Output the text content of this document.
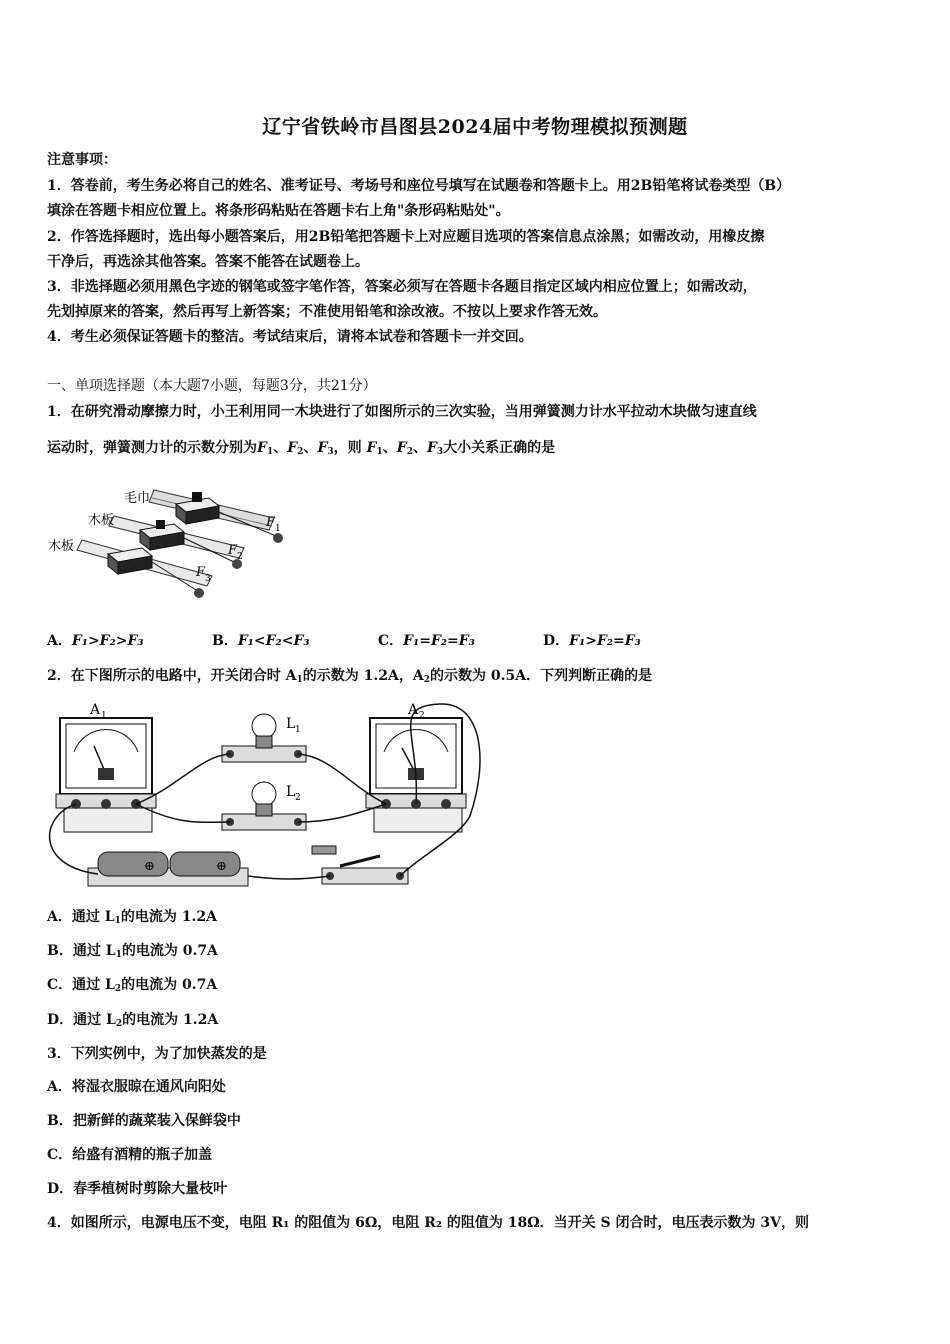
辽宁省铁岭市昌图县2024届中考物理模拟预测题
注意事项：
1．答卷前，考生务必将自己的姓名、准考证号、考场号和座位号填写在试题卷和答题卡上。用2B铅笔将试卷类型（B）
填涂在答题卡相应位置上。将条形码粘贴在答题卡右上角"条形码粘贴处"。
2．作答选择题时，选出每小题答案后，用2B铅笔把答题卡上对应题目选项的答案信息点涂黑；如需改动，用橡皮擦
干净后，再选涂其他答案。答案不能答在试题卷上。
3．非选择题必须用黑色字迹的钢笔或签字笔作答，答案必须写在答题卡各题目指定区域内相应位置上；如需改动，
先划掉原来的答案，然后再写上新答案；不准使用铅笔和涂改液。不按以上要求作答无效。
4．考生必须保证答题卡的整洁。考试结束后，请将本试卷和答题卡一并交回。
一、单项选择题（本大题7小题，每题3分，共21分）
1．在研究滑动摩擦力时，小王利用同一木块进行了如图所示的三次实验，当用弹簧测力计水平拉动木块做匀速直线
运动时，弹簧测力计的示数分别为$F_1$、$F_2$、$F_3$，则 $F_1$、$F_2$、$F_3$大小关系正确的是
毛巾
木板
木板
F 1
F 2
F 3
A．F₁>F₂>F₃	B．F₁<F₂<F₃	C．F₁=F₂=F₃	D．F₁>F₂=F₃
2．在下图所示的电路中，开关闭合时 $A_1$的示数为 1.2A，$A_2$的示数为 0.5A．下列判断正确的是
⊕	⊕
A 1	A 2
L 1
L 2
A．通过 $L_1$的电流为 1.2A
B．通过 $L_1$的电流为 0.7A
C．通过 $L_2$的电流为 0.7A
D．通过 $L_2$的电流为 1.2A
3．下列实例中，为了加快蒸发的是
A．将湿衣服晾在通风向阳处
B．把新鲜的蔬菜装入保鲜袋中
C．给盛有酒精的瓶子加盖
D．春季植树时剪除大量枝叶
4．如图所示，电源电压不变，电阻 R₁ 的阻值为 6Ω，电阻 R₂ 的阻值为 18Ω．当开关 S 闭合时，电压表示数为 3V，则
